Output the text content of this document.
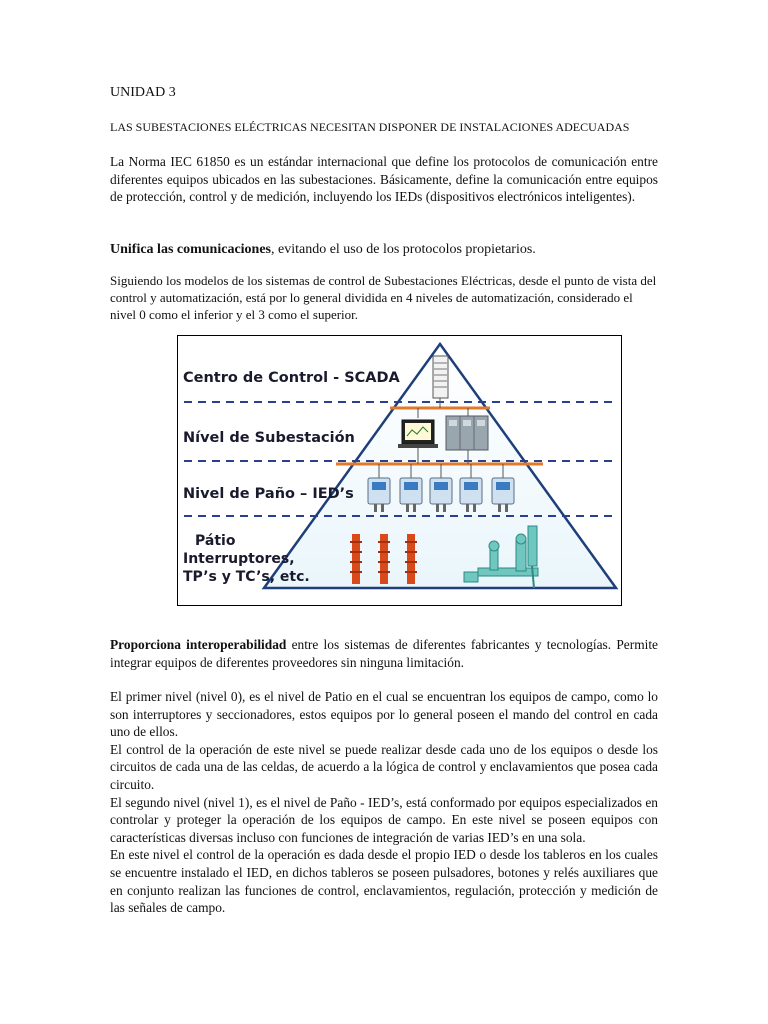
UNIDAD 3
LAS SUBESTACIONES ELÉCTRICAS NECESITAN DISPONER DE INSTALACIONES ADECUADAS
La Norma IEC 61850 es un estándar internacional que define los protocolos de comunicación entre diferentes equipos ubicados en las subestaciones. Básicamente, define la comunicación entre equipos de protección, control y de medición, incluyendo los IEDs (dispositivos electrónicos inteligentes).
Unifica las comunicaciones, evitando el uso de los protocolos propietarios.
Siguiendo los modelos de los sistemas de control de Subestaciones Eléctricas, desde el punto de vista del control y automatización, está por lo general dividida en 4 niveles de automatización, considerado el nivel 0 como el inferior y el 3 como el superior.
Proporciona interoperabilidad entre los sistemas de diferentes fabricantes y tecnologías. Permite integrar equipos de diferentes proveedores sin ninguna limitación.
El primer nivel (nivel 0), es el nivel de Patio en el cual se encuentran los equipos de campo, como lo son interruptores y seccionadores, estos equipos por lo general poseen el mando del control en cada uno de ellos.
El control de la operación de este nivel se puede realizar desde cada uno de los equipos o desde los circuitos de cada una de las celdas, de acuerdo a la lógica de control y enclavamientos que posea cada circuito.
El segundo nivel (nivel 1), es el nivel de Paño - IED’s, está conformado por equipos especializados en controlar y proteger la operación de los equipos de campo. En este nivel se poseen equipos con características diversas incluso con funciones de integración de varias IED’s en una sola.
En este nivel el control de la operación es dada desde el propio IED o desde los tableros en los cuales se encuentre instalado el IED, en dichos tableros se poseen pulsadores, botones y relés auxiliares que en conjunto realizan las funciones de control, enclavamientos, regulación, protección y medición de las señales de campo.
Centro de Control - SCADA
Nível de Subestación
Nivel de Paño – IED’s
Pátio
Interruptores,
TP’s y TC’s, etc.
